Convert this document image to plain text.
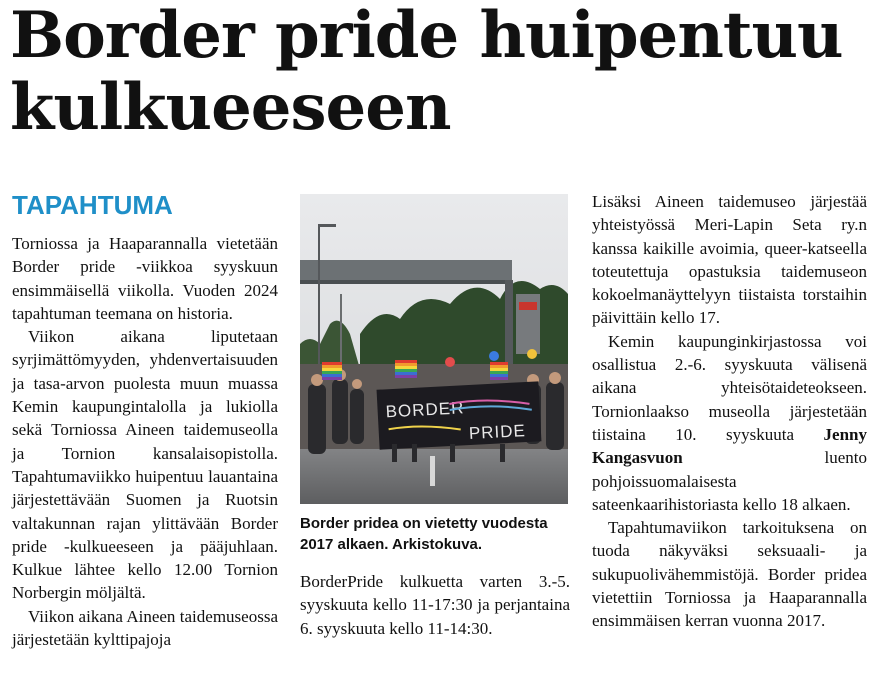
Border pride huipentuu kulkueeseen
TAPAHTUMA

Torniossa ja Haaparannalla vietetään Border pride -viikkoa syyskuun ensimmäisellä viikolla. Vuoden 2024 tapahtuman teemana on historia.

Viikon aikana liputetaan syrjimättömyyden, yhdenvertaisuuden ja tasa-arvon puolesta muun muassa Kemin kaupungintalolla ja lukiolla sekä Torniossa Aineen taidemuseolla ja Tornion kansalaisopistolla. Tapahtumaviikko huipentuu lauantaina järjestettävään Suomen ja Ruotsin valtakunnan rajan ylittävään Border pride -kulkueeseen ja pääjuhlaan. Kulkue lähtee kello 12.00 Tornion Norbergin möljältä.

Viikon aikana Aineen taidemuseossa järjestetään kylttipajoja

BORDER
PRIDE

Border pridea on vietetty vuodesta 2017 alkaen. Arkistokuva.

BorderPride kulkuetta varten 3.-5. syyskuuta kello 11-17:30 ja perjantaina 6. syyskuuta kello 11-14:30.

Lisäksi Aineen taidemuseo järjestää yhteistyössä Meri-Lapin Seta ry.n kanssa kaikille avoimia, queer-katseella toteutettuja opastuksia taidemuseon kokoelmanäyttelyyn tiistaista torstaihin päivittäin kello 17.

Kemin kaupunginkirjastossa voi osallistua 2.-6. syyskuuta välisenä aikana yhteisötaideteokseen. Tornionlaakso museolla järjestetään tiistaina 10. syyskuuta Jenny Kangasvuon	luento pohjoissuomalaisesta sateenkaarihistoriasta kello 18 alkaen.

Tapahtumaviikon tarkoituksena on tuoda näkyväksi seksuaali- ja sukupuolivähemmistöjä. Border pridea vietettiin Torniossa ja Haaparannalla ensimmäisen kerran vuonna 2017.
